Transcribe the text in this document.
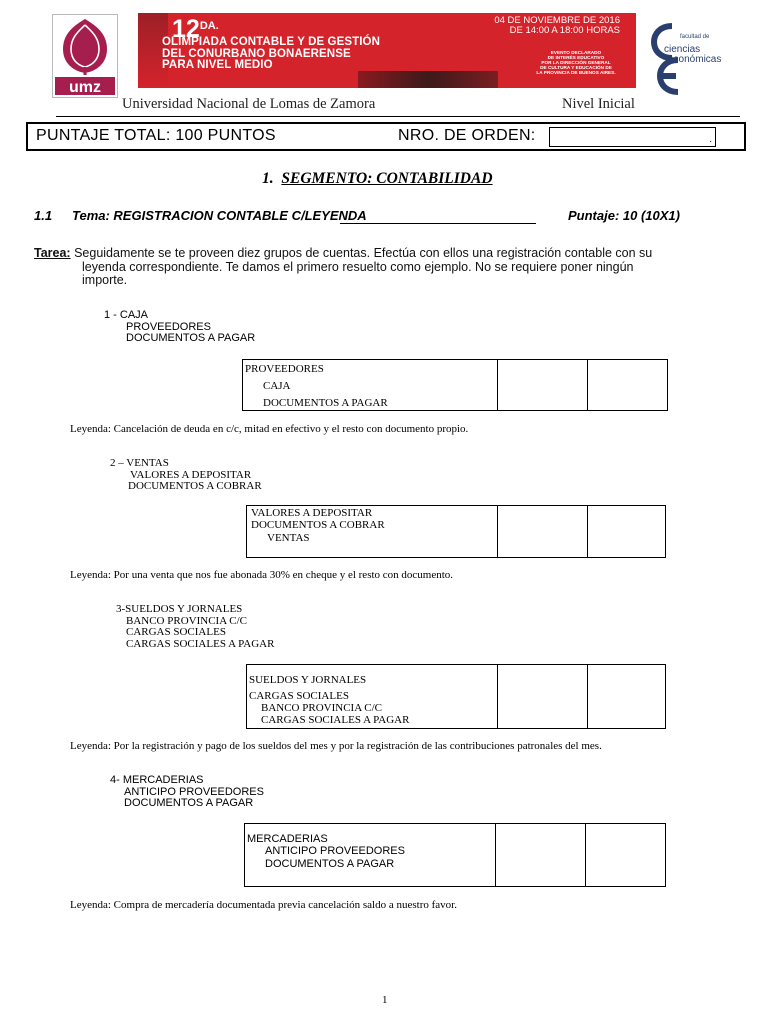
umz
$12^{DA.}$
OLIMPIADA CONTABLE Y DE GESTIÓN
DEL CONURBANO BONAERENSE
PARA NIVEL MEDIO
04 DE NOVIEMBRE DE 2016
DE 14:00 A 18:00 HORAS
EVENTO DECLARADO
DE INTERÉS EDUCATIVO
POR LA DIRECCIÓN GENERAL
DE CULTURA Y EDUCACIÓN DE
LA PROVINCIA DE BUENOS AIRES.
facultad de
ciencias
económicas
Universidad Nacional de Lomas de Zamora	Nivel Inicial
PUNTAJE TOTAL: 100 PUNTOS	NRO. DE ORDEN:	.
1. SEGMENTO: CONTABILIDAD
1.1 Tema: REGISTRACION CONTABLE C/LEYENDA	Puntaje: 10 (10X1)
Tarea: Seguidamente se te proveen diez grupos de cuentas. Efectúa con ellos una registración contable con su
leyenda correspondiente. Te damos el primero resuelto como ejemplo. No se requiere poner ningún
importe.
1 - CAJA
PROVEEDORES
DOCUMENTOS A PAGAR
PROVEEDORES
CAJA
DOCUMENTOS A PAGAR
Leyenda: Cancelación de deuda en c/c, mitad en efectivo y el resto con documento propio.
2 – VENTAS
VALORES A DEPOSITAR
DOCUMENTOS A COBRAR
VALORES A DEPOSITAR
DOCUMENTOS A COBRAR
VENTAS
Leyenda: Por una venta que nos fue abonada 30% en cheque y el resto con documento.
3-SUELDOS Y JORNALES
BANCO PROVINCIA C/C
CARGAS SOCIALES
CARGAS SOCIALES A PAGAR
SUELDOS Y JORNALES
CARGAS SOCIALES
BANCO PROVINCIA C/C
CARGAS SOCIALES A PAGAR
Leyenda: Por la registración y pago de los sueldos del mes y por la registración de las contribuciones patronales del mes.
4- MERCADERIAS
ANTICIPO PROVEEDORES
DOCUMENTOS A PAGAR
MERCADERIAS
ANTICIPO PROVEEDORES
DOCUMENTOS A PAGAR
Leyenda: Compra de mercadería documentada previa cancelación saldo a nuestro favor.
1
